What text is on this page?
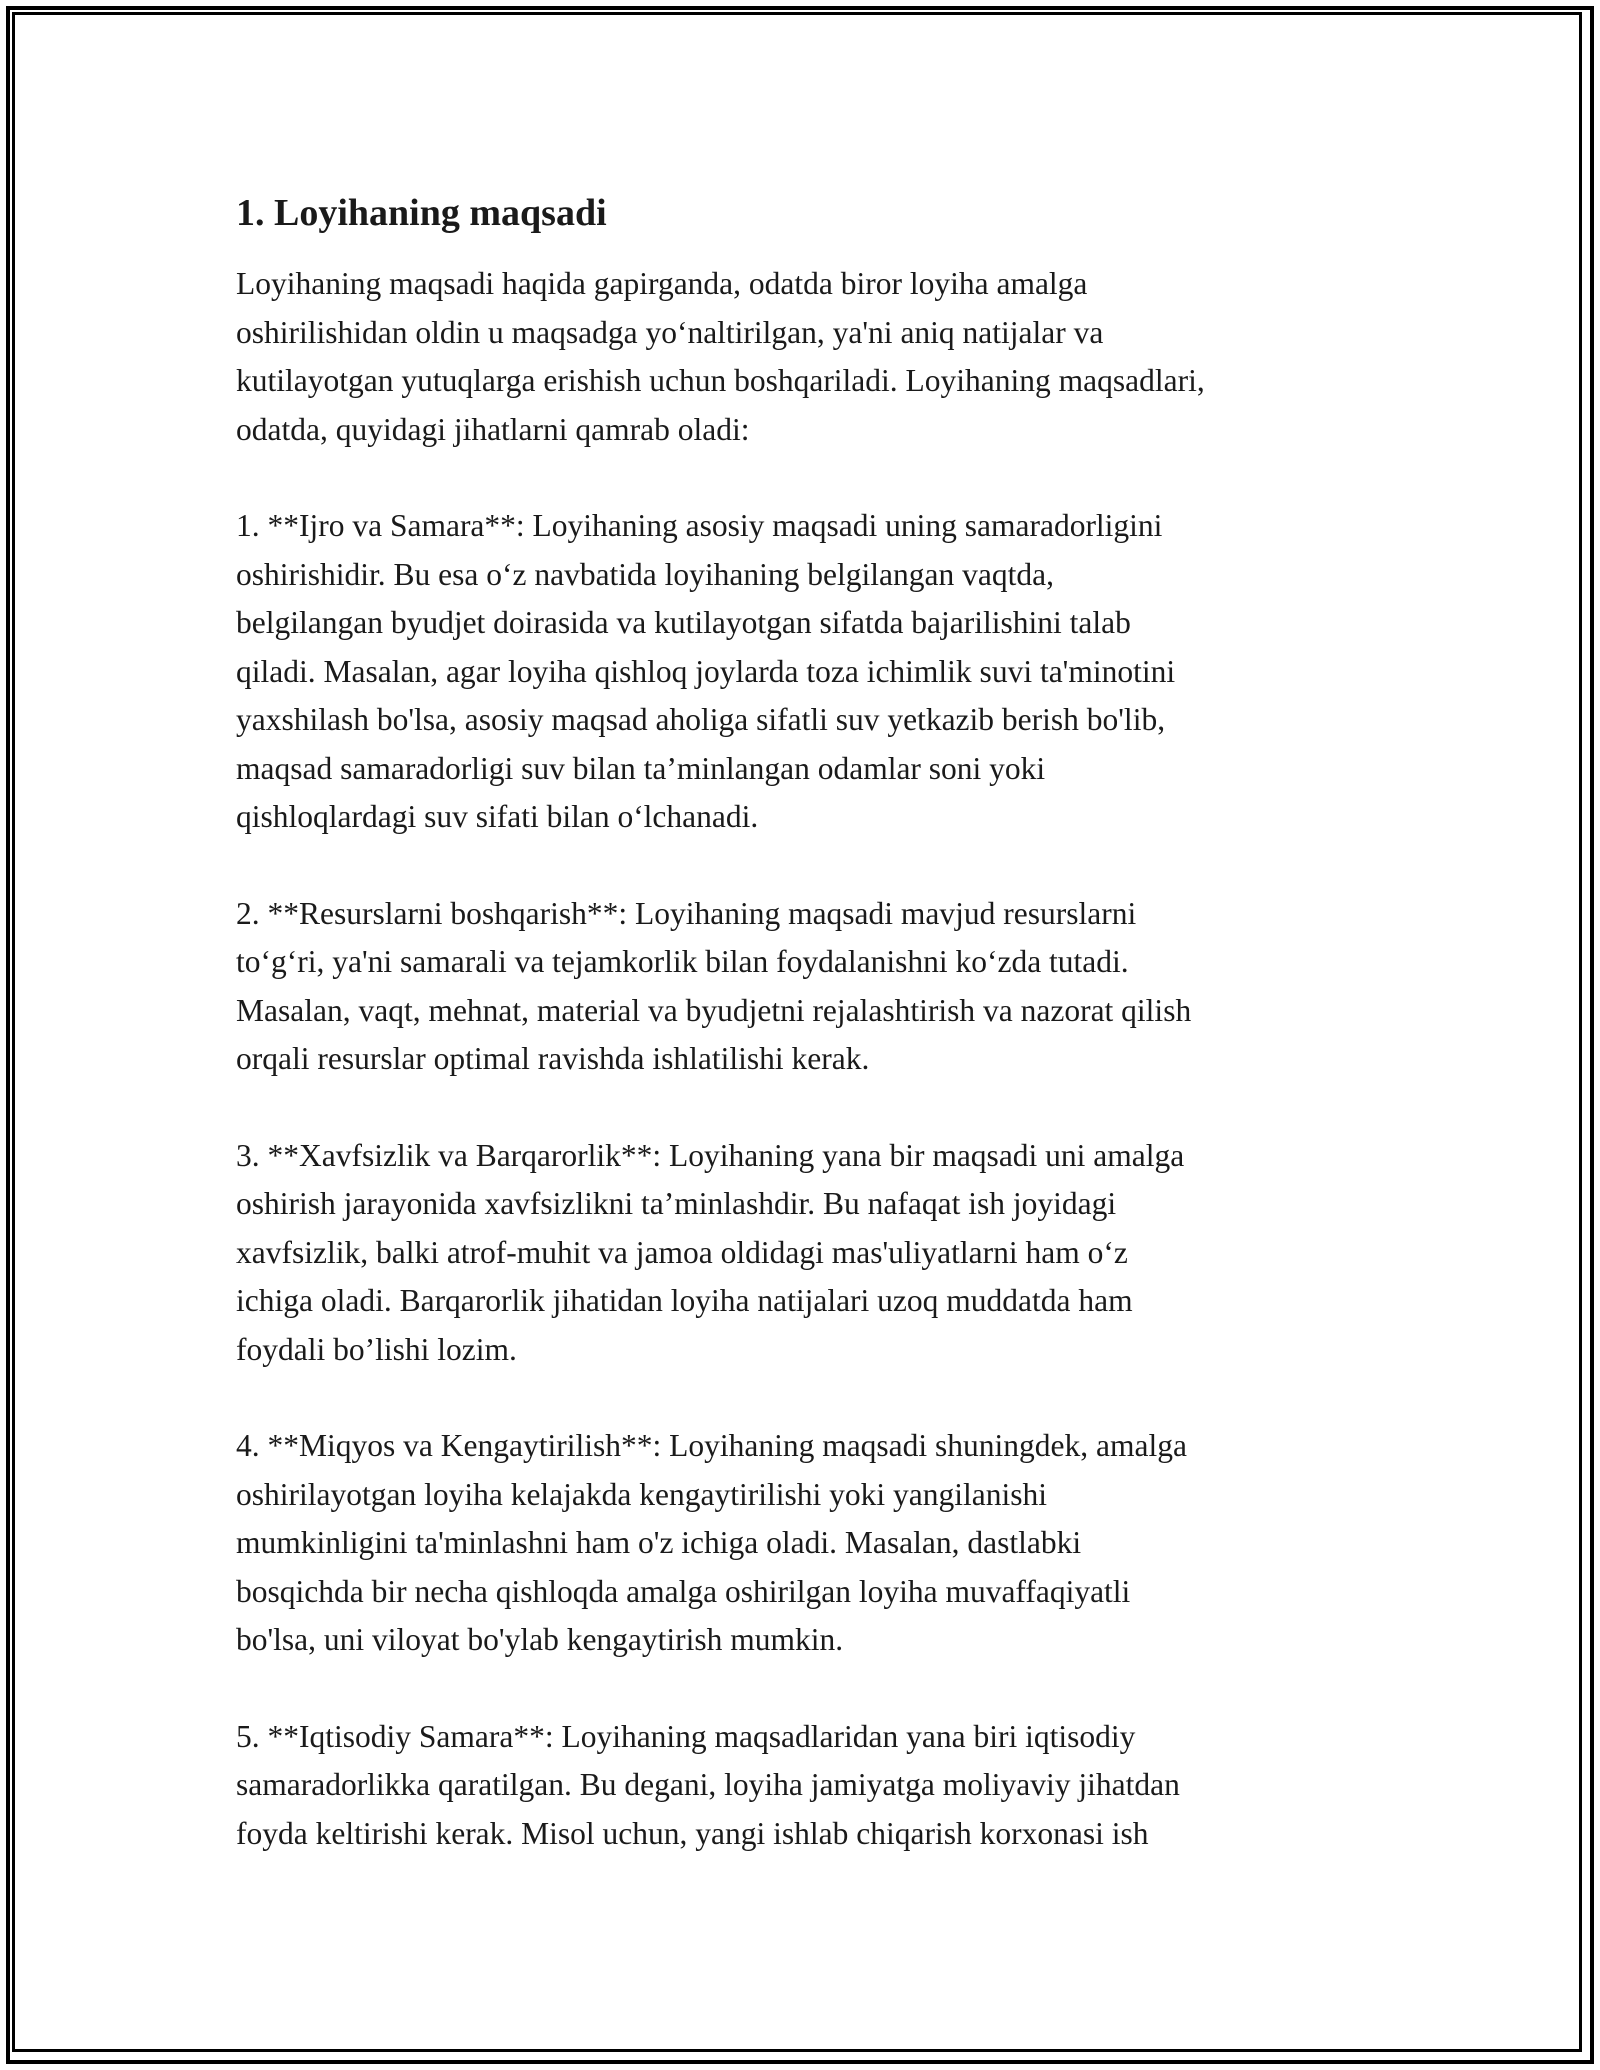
1. Loyihaning maqsadi
Loyihaning maqsadi haqida gapirganda, odatda biror loyiha amalga
oshirilishidan oldin u maqsadga yo‘naltirilgan, ya'ni aniq natijalar va
kutilayotgan yutuqlarga erishish uchun boshqariladi. Loyihaning maqsadlari,
odatda, quyidagi jihatlarni qamrab oladi:
1. **Ijro va Samara**: Loyihaning asosiy maqsadi uning samaradorligini
oshirishidir. Bu esa o‘z navbatida loyihaning belgilangan vaqtda,
belgilangan byudjet doirasida va kutilayotgan sifatda bajarilishini talab
qiladi. Masalan, agar loyiha qishloq joylarda toza ichimlik suvi ta'minotini
yaxshilash bo'lsa, asosiy maqsad aholiga sifatli suv yetkazib berish bo'lib,
maqsad samaradorligi suv bilan ta’minlangan odamlar soni yoki
qishloqlardagi suv sifati bilan o‘lchanadi.
2. **Resurslarni boshqarish**: Loyihaning maqsadi mavjud resurslarni
to‘g‘ri, ya'ni samarali va tejamkorlik bilan foydalanishni ko‘zda tutadi.
Masalan, vaqt, mehnat, material va byudjetni rejalashtirish va nazorat qilish
orqali resurslar optimal ravishda ishlatilishi kerak.
3. **Xavfsizlik va Barqarorlik**: Loyihaning yana bir maqsadi uni amalga
oshirish jarayonida xavfsizlikni ta’minlashdir. Bu nafaqat ish joyidagi
xavfsizlik, balki atrof-muhit va jamoa oldidagi mas'uliyatlarni ham o‘z
ichiga oladi. Barqarorlik jihatidan loyiha natijalari uzoq muddatda ham
foydali bo’lishi lozim.
4. **Miqyos va Kengaytirilish**: Loyihaning maqsadi shuningdek, amalga
oshirilayotgan loyiha kelajakda kengaytirilishi yoki yangilanishi
mumkinligini ta'minlashni ham o'z ichiga oladi. Masalan, dastlabki
bosqichda bir necha qishloqda amalga oshirilgan loyiha muvaffaqiyatli
bo'lsa, uni viloyat bo'ylab kengaytirish mumkin.
5. **Iqtisodiy Samara**: Loyihaning maqsadlaridan yana biri iqtisodiy
samaradorlikka qaratilgan. Bu degani, loyiha jamiyatga moliyaviy jihatdan
foyda keltirishi kerak. Misol uchun, yangi ishlab chiqarish korxonasi ish
